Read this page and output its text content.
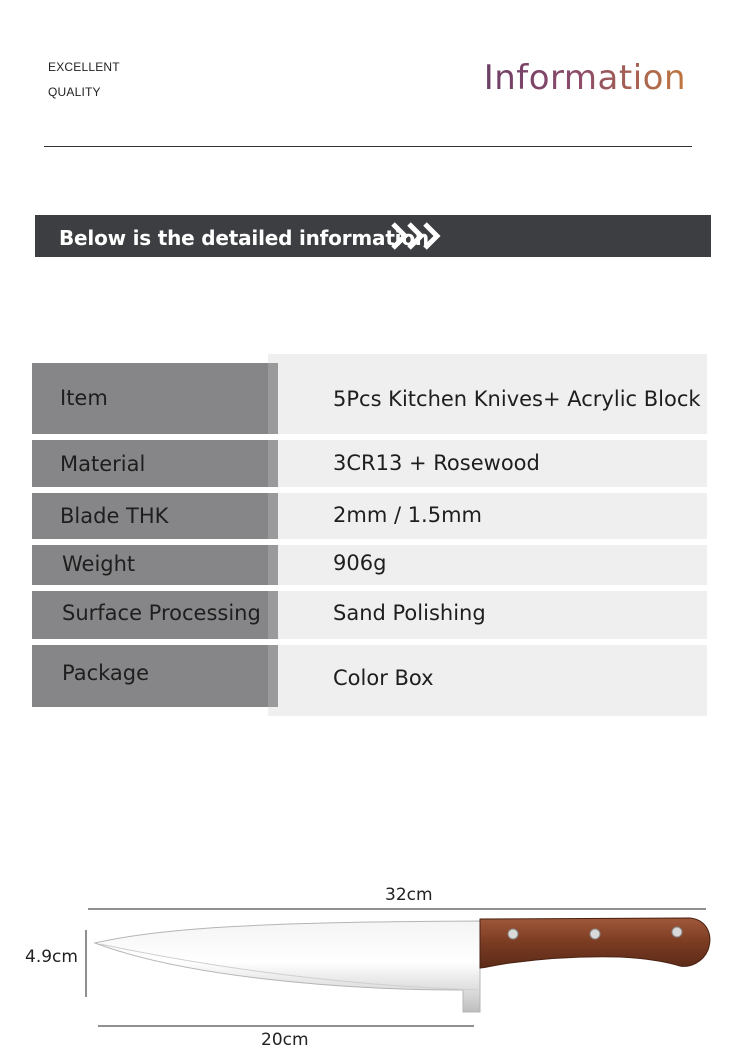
EXCELLENT
QUALITY	Information
Below is the detailed information
5Pcs Kitchen Knives+ Acrylic Block
Item
3CR13 + Rosewood
Material
2mm / 1.5mm
Blade THK
906g
Weight
Sand Polishing
Surface Processing
Color Box
Package
32cm
4.9cm
20cm
